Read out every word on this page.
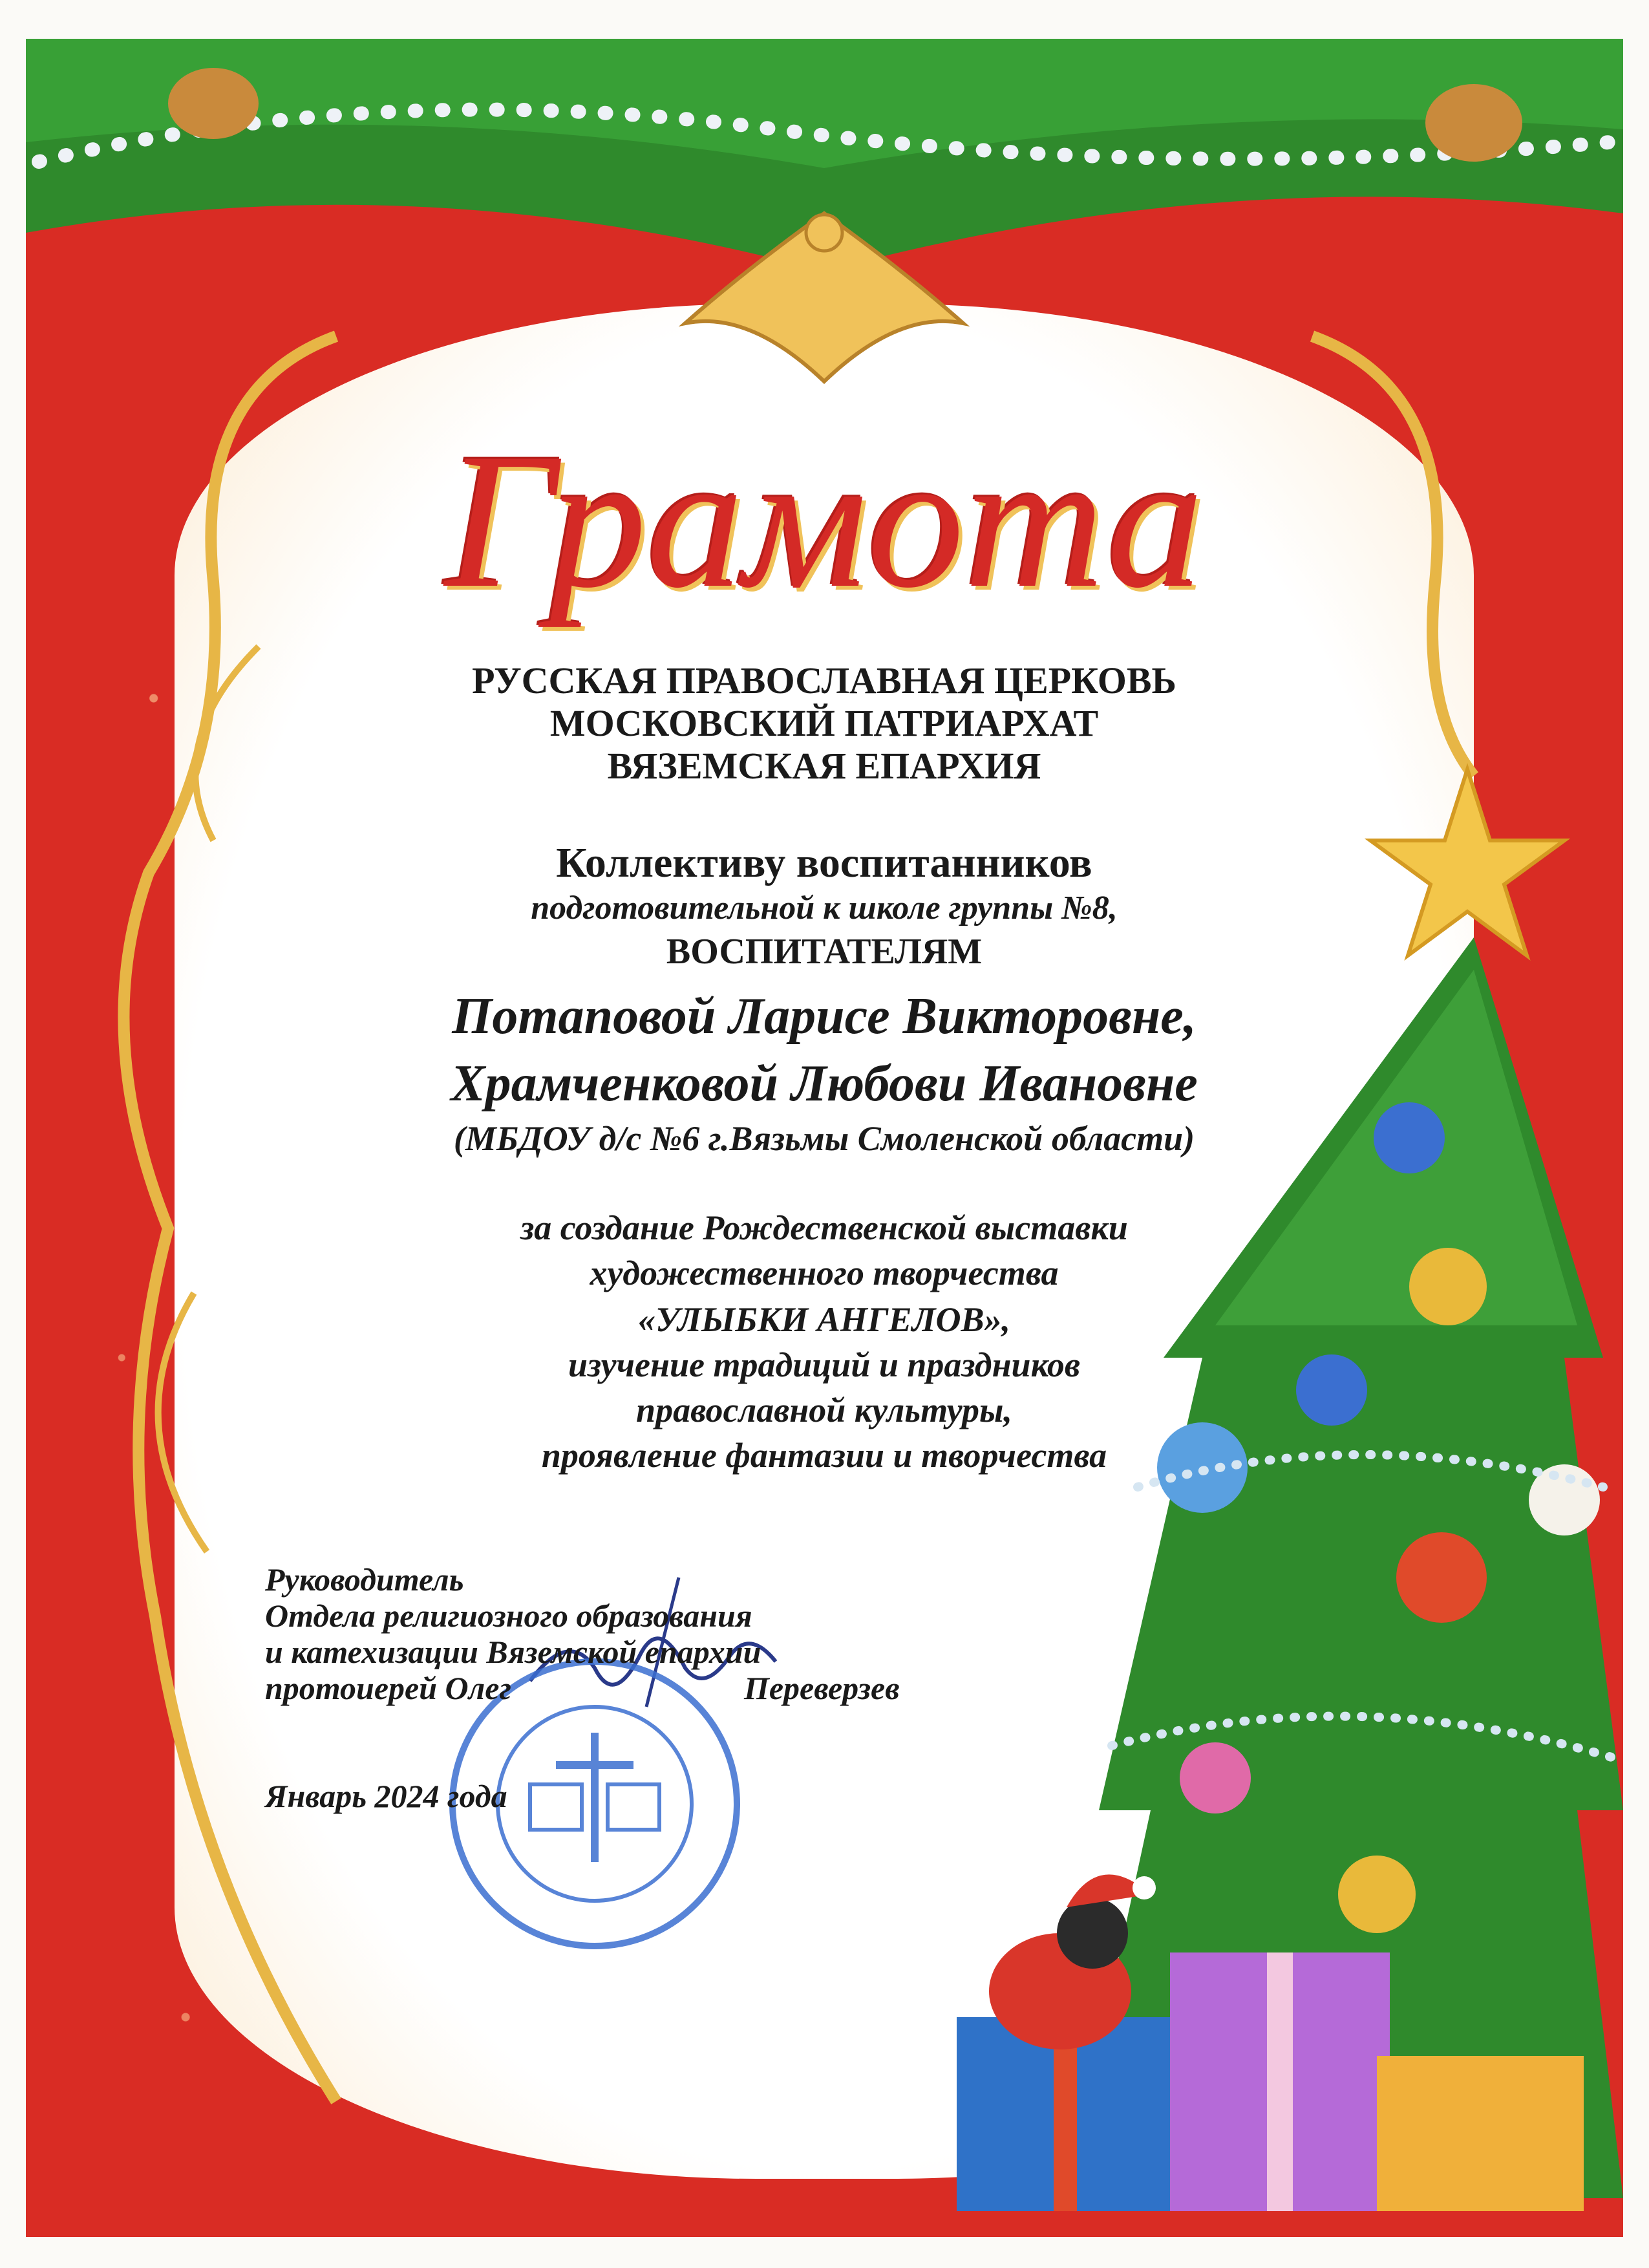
Грамота
РУССКАЯ ПРАВОСЛАВНАЯ ЦЕРКОВЬ
МОСКОВСКИЙ ПАТРИАРХАТ
ВЯЗЕМСКАЯ ЕПАРХИЯ
Коллективу воспитанников
подготовительной к школе группы №8,
ВОСПИТАТЕЛЯМ
Потаповой Ларисе Викторовне,
Храмченковой Любови Ивановне
(МБДОУ д/с №6 г.Вязьмы Смоленской области)
за создание Рождественской выставки
художественного творчества
«УЛЫБКИ АНГЕЛОВ»,
изучение традиций и праздников
православной культуры,
проявление фантазии и творчества
Руководитель
Отдела религиозного образования
и катехизации Вяземской епархии
протоиерей Олег	Переверзев
Январь 2024 года
